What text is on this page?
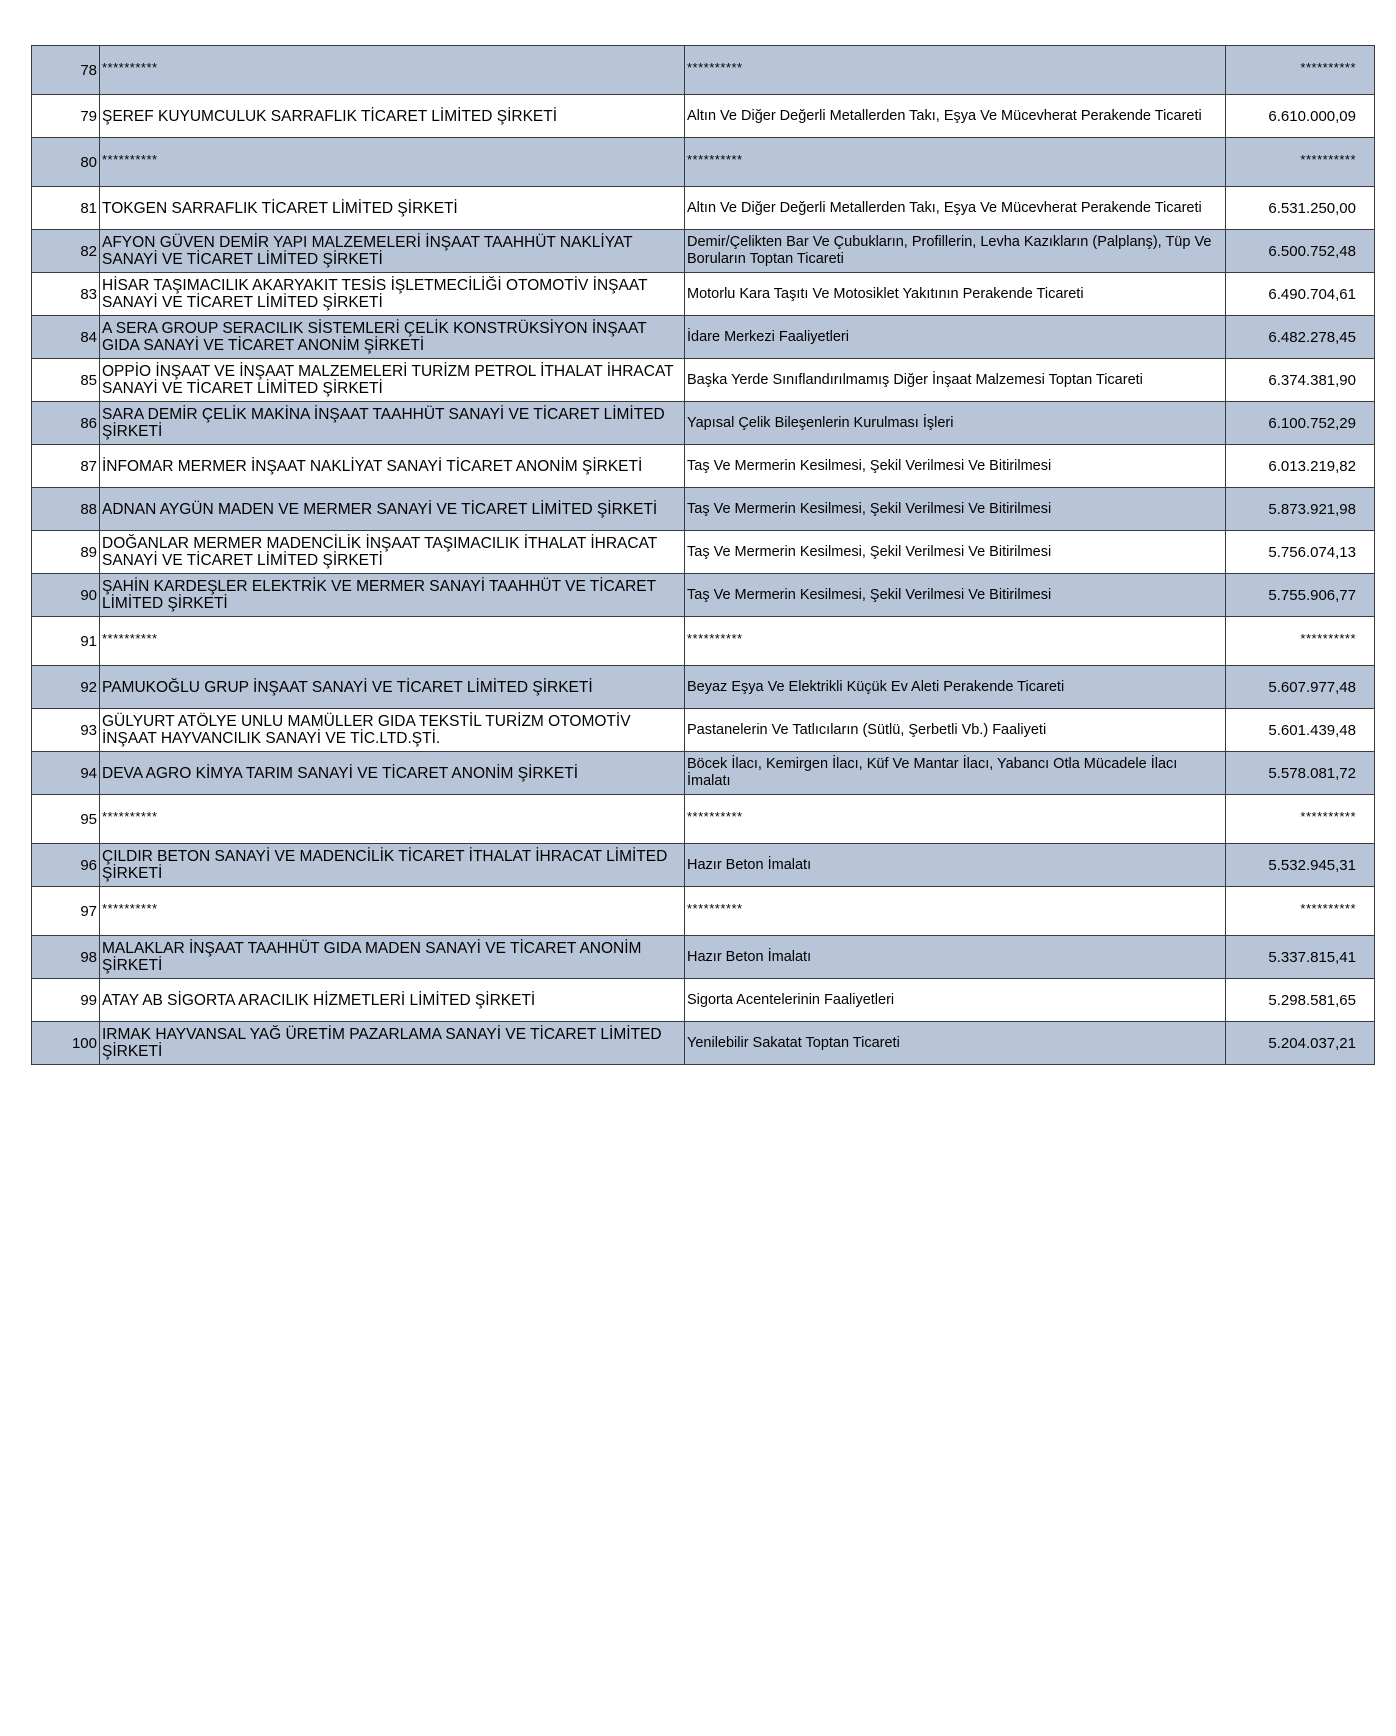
78	**********	**********	**********
79	ŞEREF KUYUMCULUK SARRAFLIK TİCARET LİMİTED ŞİRKETİ	Altın Ve Diğer Değerli Metallerden Takı, Eşya Ve Mücevherat Perakende Ticareti	6.610.000,09
80	**********	**********	**********
81	TOKGEN SARRAFLIK TİCARET LİMİTED ŞİRKETİ	Altın Ve Diğer Değerli Metallerden Takı, Eşya Ve Mücevherat Perakende Ticareti	6.531.250,00
82	AFYON GÜVEN DEMİR YAPI MALZEMELERİ İNŞAAT TAAHHÜT NAKLİYAT SANAYİ VE TİCARET LİMİTED ŞİRKETİ	Demir/Çelikten Bar Ve Çubukların, Profillerin, Levha Kazıkların (Palplanş), Tüp Ve Boruların Toptan Ticareti	6.500.752,48
83	HİSAR TAŞIMACILIK AKARYAKIT TESİS İŞLETMECİLİĞİ OTOMOTİV İNŞAAT SANAYİ VE TİCARET LİMİTED ŞİRKETİ	Motorlu Kara Taşıtı Ve Motosiklet Yakıtının Perakende Ticareti	6.490.704,61
84	A SERA GROUP SERACILIK SİSTEMLERİ ÇELİK KONSTRÜKSİYON İNŞAAT GIDA SANAYİ VE TİCARET ANONİM ŞİRKETİ	İdare Merkezi Faaliyetleri	6.482.278,45
85	OPPİO İNŞAAT VE İNŞAAT MALZEMELERİ TURİZM PETROL İTHALAT İHRACAT SANAYİ VE TİCARET LİMİTED ŞİRKETİ	Başka Yerde Sınıflandırılmamış Diğer İnşaat Malzemesi Toptan Ticareti	6.374.381,90
86	SARA DEMİR ÇELİK MAKİNA İNŞAAT TAAHHÜT SANAYİ VE TİCARET LİMİTED ŞİRKETİ	Yapısal Çelik Bileşenlerin Kurulması İşleri	6.100.752,29
87	İNFOMAR MERMER İNŞAAT NAKLİYAT SANAYİ TİCARET ANONİM ŞİRKETİ	Taş Ve Mermerin Kesilmesi, Şekil Verilmesi Ve Bitirilmesi	6.013.219,82
88	ADNAN AYGÜN MADEN VE MERMER SANAYİ VE TİCARET LİMİTED ŞİRKETİ	Taş Ve Mermerin Kesilmesi, Şekil Verilmesi Ve Bitirilmesi	5.873.921,98
89	DOĞANLAR MERMER MADENCİLİK İNŞAAT TAŞIMACILIK İTHALAT İHRACAT SANAYİ VE TİCARET LİMİTED ŞİRKETİ	Taş Ve Mermerin Kesilmesi, Şekil Verilmesi Ve Bitirilmesi	5.756.074,13
90	ŞAHİN KARDEŞLER ELEKTRİK VE MERMER SANAYİ TAAHHÜT VE TİCARET LİMİTED ŞİRKETİ	Taş Ve Mermerin Kesilmesi, Şekil Verilmesi Ve Bitirilmesi	5.755.906,77
91	**********	**********	**********
92	PAMUKOĞLU GRUP İNŞAAT SANAYİ VE TİCARET LİMİTED ŞİRKETİ	Beyaz Eşya Ve Elektrikli Küçük Ev Aleti Perakende Ticareti	5.607.977,48
93	GÜLYURT ATÖLYE UNLU MAMÜLLER GIDA TEKSTİL TURİZM OTOMOTİV İNŞAAT HAYVANCILIK SANAYİ VE TİC.LTD.ŞTİ.	Pastanelerin Ve Tatlıcıların (Sütlü, Şerbetli Vb.) Faaliyeti	5.601.439,48
94	DEVA AGRO KİMYA TARIM SANAYİ VE TİCARET ANONİM ŞİRKETİ	Böcek İlacı, Kemirgen İlacı, Küf Ve Mantar İlacı, Yabancı Otla Mücadele İlacı İmalatı	5.578.081,72
95	**********	**********	**********
96	ÇILDIR BETON SANAYİ VE MADENCİLİK TİCARET İTHALAT İHRACAT LİMİTED ŞİRKETİ	Hazır Beton İmalatı	5.532.945,31
97	**********	**********	**********
98	MALAKLAR İNŞAAT TAAHHÜT GIDA MADEN SANAYİ VE TİCARET ANONİM ŞİRKETİ	Hazır Beton İmalatı	5.337.815,41
99	ATAY AB SİGORTA ARACILIK HİZMETLERİ LİMİTED ŞİRKETİ	Sigorta Acentelerinin Faaliyetleri	5.298.581,65
100	IRMAK HAYVANSAL YAĞ ÜRETİM PAZARLAMA SANAYİ VE TİCARET LİMİTED ŞİRKETİ	Yenilebilir Sakatat Toptan Ticareti	5.204.037,21
